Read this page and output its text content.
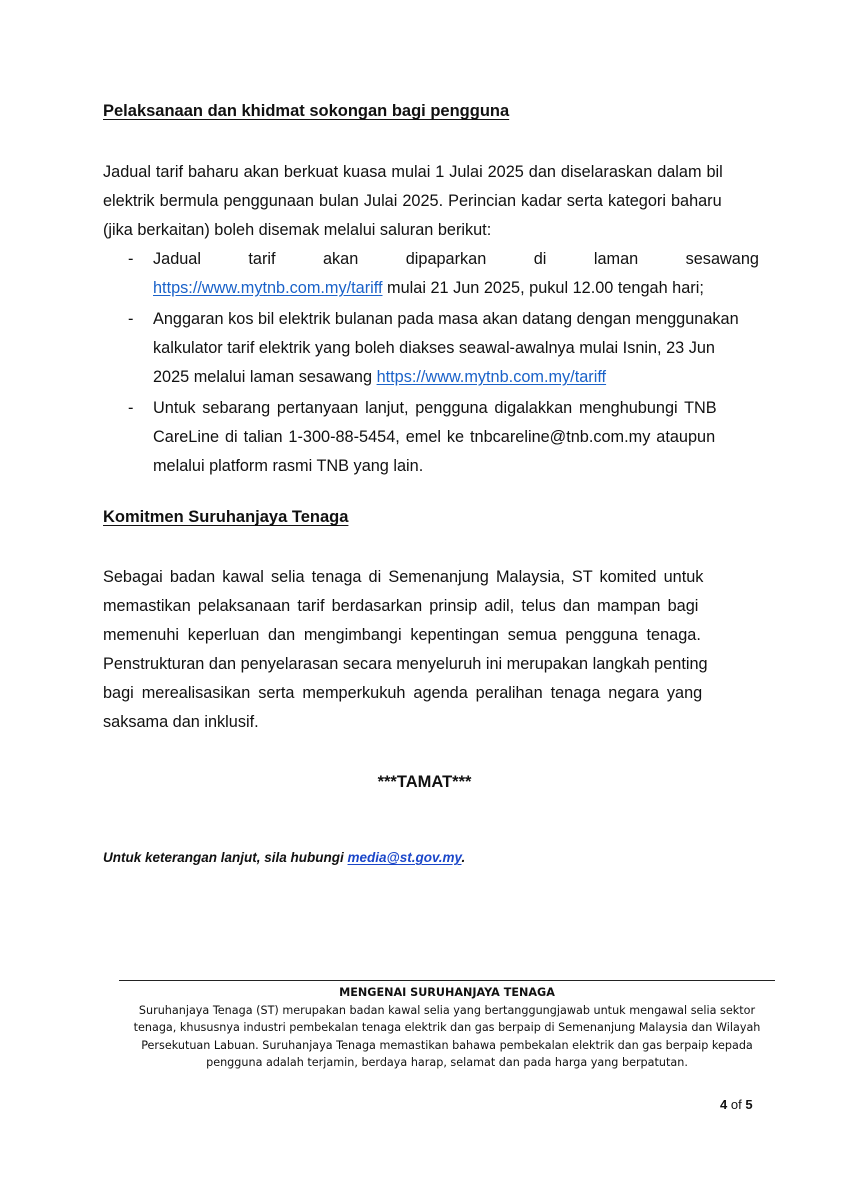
Pelaksanaan dan khidmat sokongan bagi pengguna
Jadual tarif baharu akan berkuat kuasa mulai 1 Julai 2025 dan diselaraskan dalam bil
elektrik bermula penggunaan bulan Julai 2025. Perincian kadar serta kategori baharu
(jika berkaitan) boleh disemak melalui saluran berikut:
- Jadual	tarif	akan	dipaparkan	di	laman	sesawang
https://www.mytnb.com.my/tariff mulai 21 Jun 2025, pukul 12.00 tengah hari;
- Anggaran kos bil elektrik bulanan pada masa akan datang dengan menggunakan
kalkulator tarif elektrik yang boleh diakses seawal-awalnya mulai Isnin, 23 Jun
2025 melalui laman sesawang https://www.mytnb.com.my/tariff
- Untuk sebarang pertanyaan lanjut, pengguna digalakkan menghubungi TNB
CareLine di talian 1-300-88-5454, emel ke tnbcareline@tnb.com.my ataupun
melalui platform rasmi TNB yang lain.
Komitmen Suruhanjaya Tenaga
Sebagai badan kawal selia tenaga di Semenanjung Malaysia, ST komited untuk
memastikan pelaksanaan tarif berdasarkan prinsip adil, telus dan mampan bagi
memenuhi keperluan dan mengimbangi kepentingan semua pengguna tenaga.
Penstrukturan dan penyelarasan secara menyeluruh ini merupakan langkah penting
bagi merealisasikan serta memperkukuh agenda peralihan tenaga negara yang
saksama dan inklusif.
***TAMAT***
Untuk keterangan lanjut, sila hubungi media@st.gov.my.
MENGENAI SURUHANJAYA TENAGA
Suruhanjaya Tenaga (ST) merupakan badan kawal selia yang bertanggungjawab untuk mengawal selia sektor
tenaga, khususnya industri pembekalan tenaga elektrik dan gas berpaip di Semenanjung Malaysia dan Wilayah
Persekutuan Labuan. Suruhanjaya Tenaga memastikan bahawa pembekalan elektrik dan gas berpaip kepada
pengguna adalah terjamin, berdaya harap, selamat dan pada harga yang berpatutan.
4 of 5
